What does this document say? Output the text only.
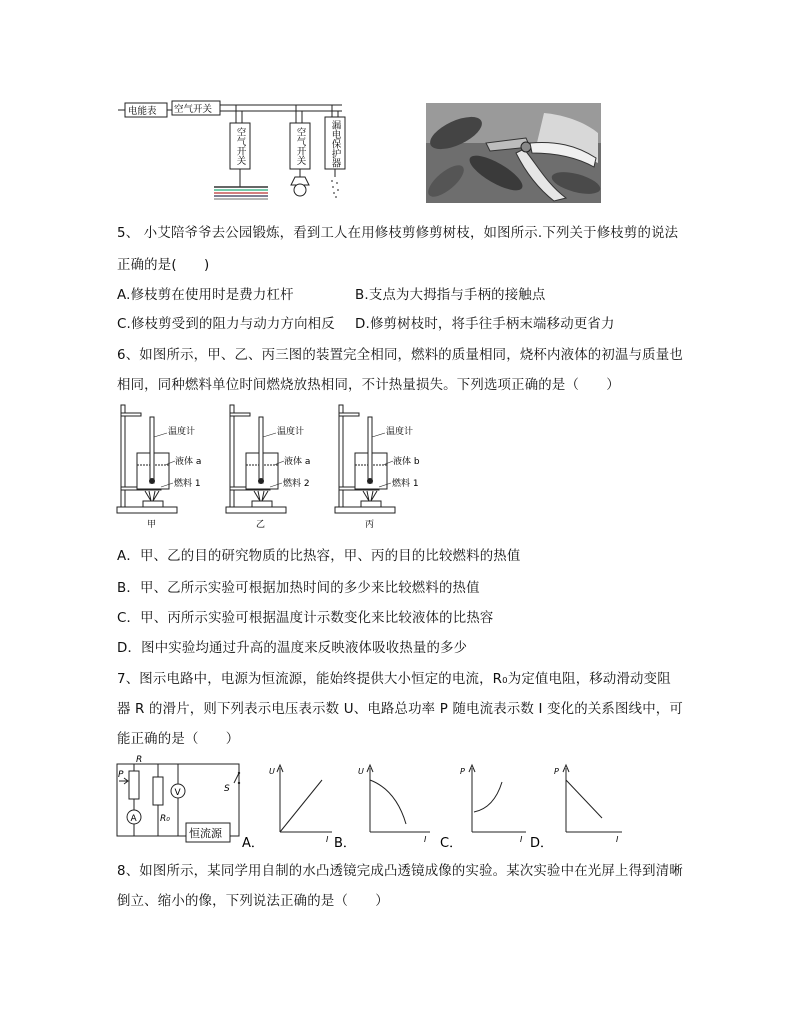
电能表 空气开关
空气开关	空气开关	漏电保护器
5、 小艾陪爷爷去公园锻炼，看到工人在用修枝剪修剪树枝，如图所示.下列关于修枝剪的说法
正确的是(　　)
A.修枝剪在使用时是费力杠杆	B.支点为大拇指与手柄的接触点
C.修枝剪受到的阻力与动力方向相反 D.修剪树枝时，将手往手柄末端移动更省力
6、如图所示，甲、乙、丙三图的装置完全相同，燃料的质量相同，烧杯内液体的初温与质量也
相同，同种燃料单位时间燃烧放热相同，不计热量损失。下列选项正确的是（　　）
温度计
液体 a
燃料 1
甲
温度计
液体 a
燃料 2
乙
温度计
液体 b
燃料 1
丙
A．甲、乙的目的研究物质的比热容，甲、丙的目的比较燃料的热值
B．甲、乙所示实验可根据加热时间的多少来比较燃料的热值
C．甲、丙所示实验可根据温度计示数变化来比较液体的比热容
D．图中实验均通过升高的温度来反映液体吸收热量的多少
7、图示电路中，电源为恒流源，能始终提供大小恒定的电流，R₀为定值电阻，移动滑动变阻
器 R 的滑片，则下列表示电压表示数 U、电路总功率 P 随电流表示数 I 变化的关系图线中，可
能正确的是（　　）
A
P
R
R₀
V	S
恒流源
A．
U
I B．
U
I C．
P
I D．
P
I
8、如图所示，某同学用自制的水凸透镜完成凸透镜成像的实验。某次实验中在光屏上得到清晰
倒立、缩小的像，下列说法正确的是（　　）
